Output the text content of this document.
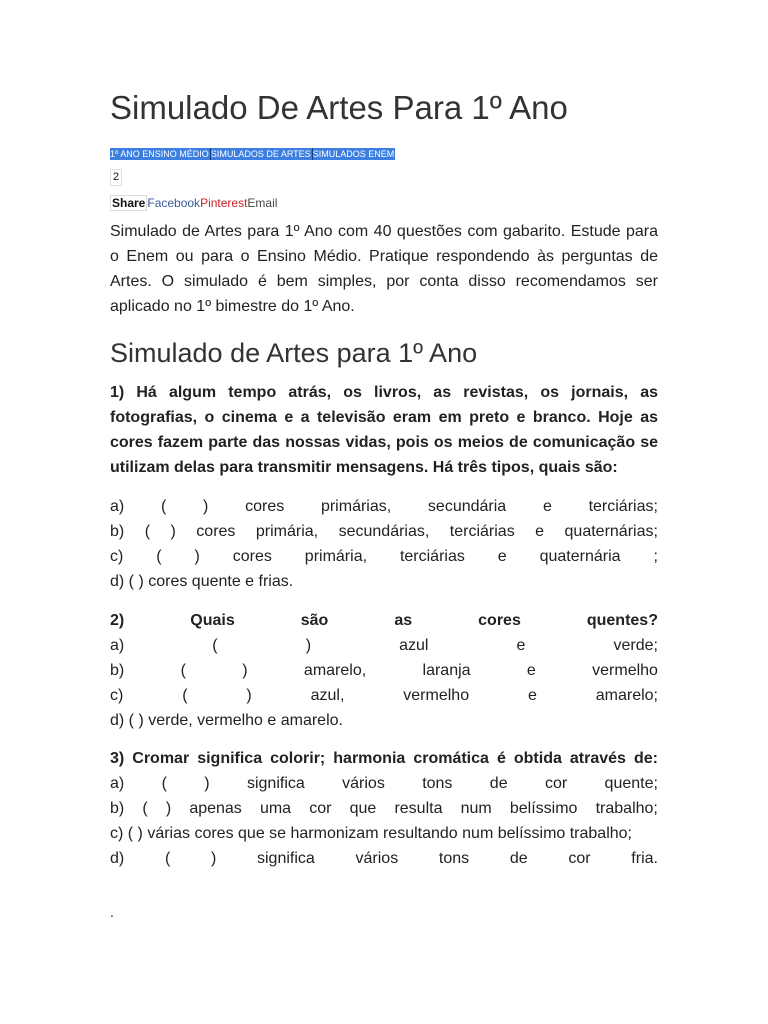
Simulado De Artes Para 1º Ano
1º ANO ENSINO MÉDIO SIMULADOS DE ARTES SIMULADOS ENEM
2
Share Facebook Pinterest Email

Simulado de Artes para 1º Ano com 40 questões com gabarito. Estude para o Enem ou para o Ensino Médio. Pratique respondendo às perguntas de Artes. O simulado é bem simples, por conta disso recomendamos ser aplicado no 1º bimestre do 1º Ano.

Simulado de Artes para 1º Ano

1) Há algum tempo atrás, os livros, as revistas, os jornais, as fotografias, o cinema e a televisão eram em preto e branco. Hoje as cores fazem parte das nossas vidas, pois os meios de comunicação se utilizam delas para transmitir mensagens. Há três tipos, quais são:

a) ( ) cores primárias, secundária e terciárias;

b) ( ) cores primária, secundárias, terciárias e quaternárias;

c) ( ) cores primária, terciárias e quaternária ;

d) ( ) cores quente e frias.

2)	Quais	são	as	cores	quentes?

a)	(	)	azul	e	verde;

b)	(	)	amarelo,	laranja	e	vermelho

c)	(	)	azul,	vermelho	e	amarelo;

d) ( ) verde, vermelho e amarelo.

3) Cromar significa colorir; harmonia cromática é obtida através de:

a) ( ) significa vários tons de cor quente;

b) ( ) apenas uma cor que resulta num belíssimo trabalho;

c) ( ) várias cores que se harmonizam resultando num belíssimo trabalho;

d)	(	)	significa	vários	tons	de	cor	fria.

.
